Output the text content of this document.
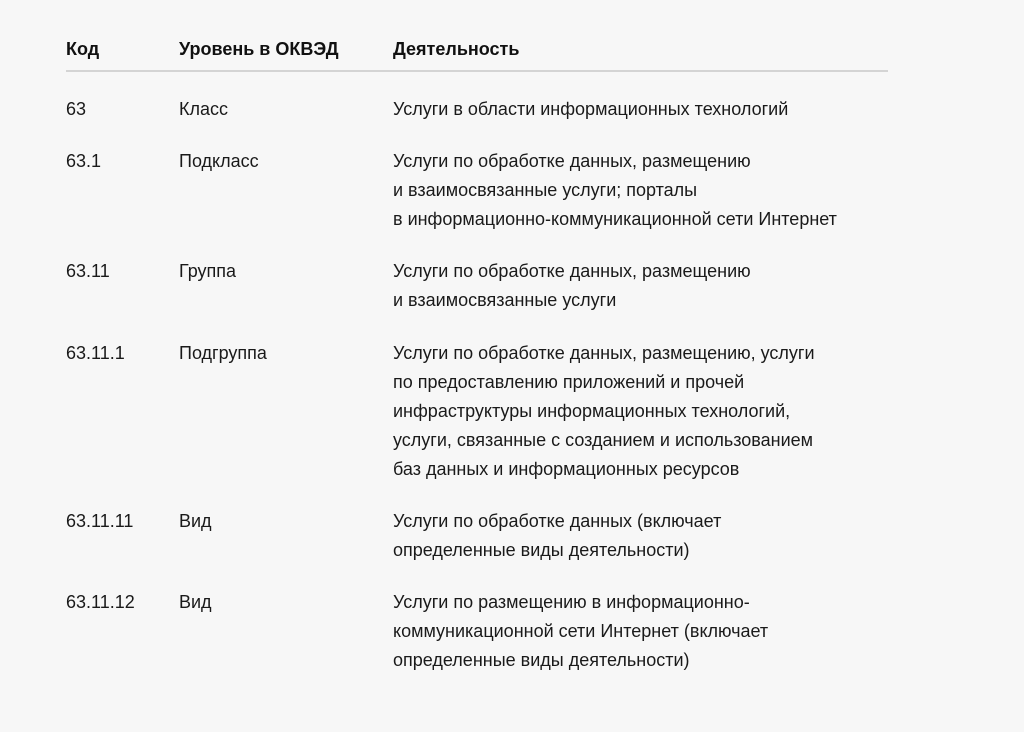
Код	Уровень в ОКВЭД	Деятельность
63	Класс	Услуги в области информационных технологий
63.1	Подкласс	Услуги по обработке данных, размещению
и взаимосвязанные услуги; порталы
в информационно-коммуникационной сети Интернет
63.11	Группа	Услуги по обработке данных, размещению
и взаимосвязанные услуги
63.11.1	Подгруппа	Услуги по обработке данных, размещению, услуги
по предоставлению приложений и прочей
инфраструктуры информационных технологий,
услуги, связанные с созданием и использованием
баз данных и информационных ресурсов
63.11.11	Вид	Услуги по обработке данных (включает
определенные виды деятельности)
63.11.12 Вид	Услуги по размещению в информационно-
коммуникационной сети Интернет (включает
определенные виды деятельности)
